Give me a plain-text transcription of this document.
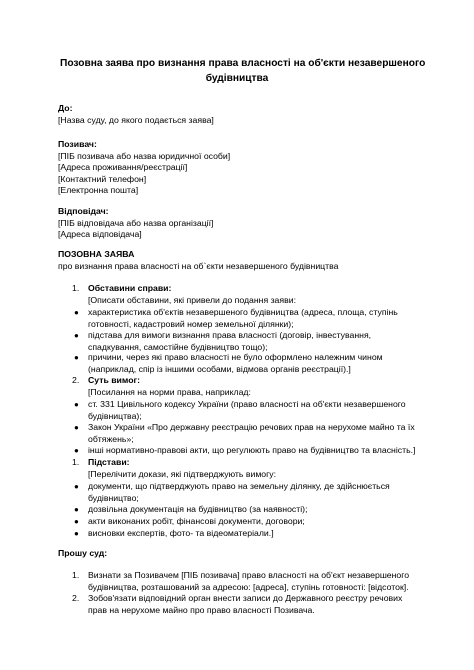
Позовна заява про визнання права власності на об'єкти незавершеного
будівництва
До:
[Назва суду, до якого подається заява]
Позивач:
[ПІБ позивача або назва юридичної особи]
[Адреса проживання/реєстрації]
[Контактний телефон]
[Електронна пошта]
Відповідач:
[ПІБ відповідача або назва організації]
[Адреса відповідача]
ПОЗОВНА ЗАЯВА
про визнання права власності на об`єкти незавершеного будівництва
1. Обставини справи:
[Описати обставини, які привели до подання заяви:
● характеристика об'єктів незавершеного будівництва (адреса, площа, ступінь
готовності, кадастровий номер земельної ділянки);
● підстава для вимоги визнання права власності (договір, інвестування,
спадкування, самостійне будівництво тощо);
● причини, через які право власності не було оформлено належним чином
(наприклад, спір із іншими особами, відмова органів реєстрації).]
2. Суть вимог:
[Посилання на норми права, наприклад:
● ст. 331 Цивільного кодексу України (право власності на об'єкти незавершеного
будівництва);
● Закон України «Про державну реєстрацію речових прав на нерухоме майно та їх
обтяжень»;
● інші нормативно-правові акти, що регулюють право на будівництво та власність.]
1. Підстави:
[Перелічити докази, які підтверджують вимогу:
● документи, що підтверджують право на земельну ділянку, де здійснюється
будівництво;
● дозвільна документація на будівництво (за наявності);
● акти виконаних робіт, фінансові документи, договори;
● висновки експертів, фото- та відеоматеріали.]
Прошу суд:
1. Визнати за Позивачем [ПІБ позивача] право власності на об'єкт незавершеного
будівництва, розташований за адресою: [адреса], ступінь готовності: [відсоток].
2. Зобов'язати відповідний орган внести записи до Державного реєстру речових
прав на нерухоме майно про право власності Позивача.
